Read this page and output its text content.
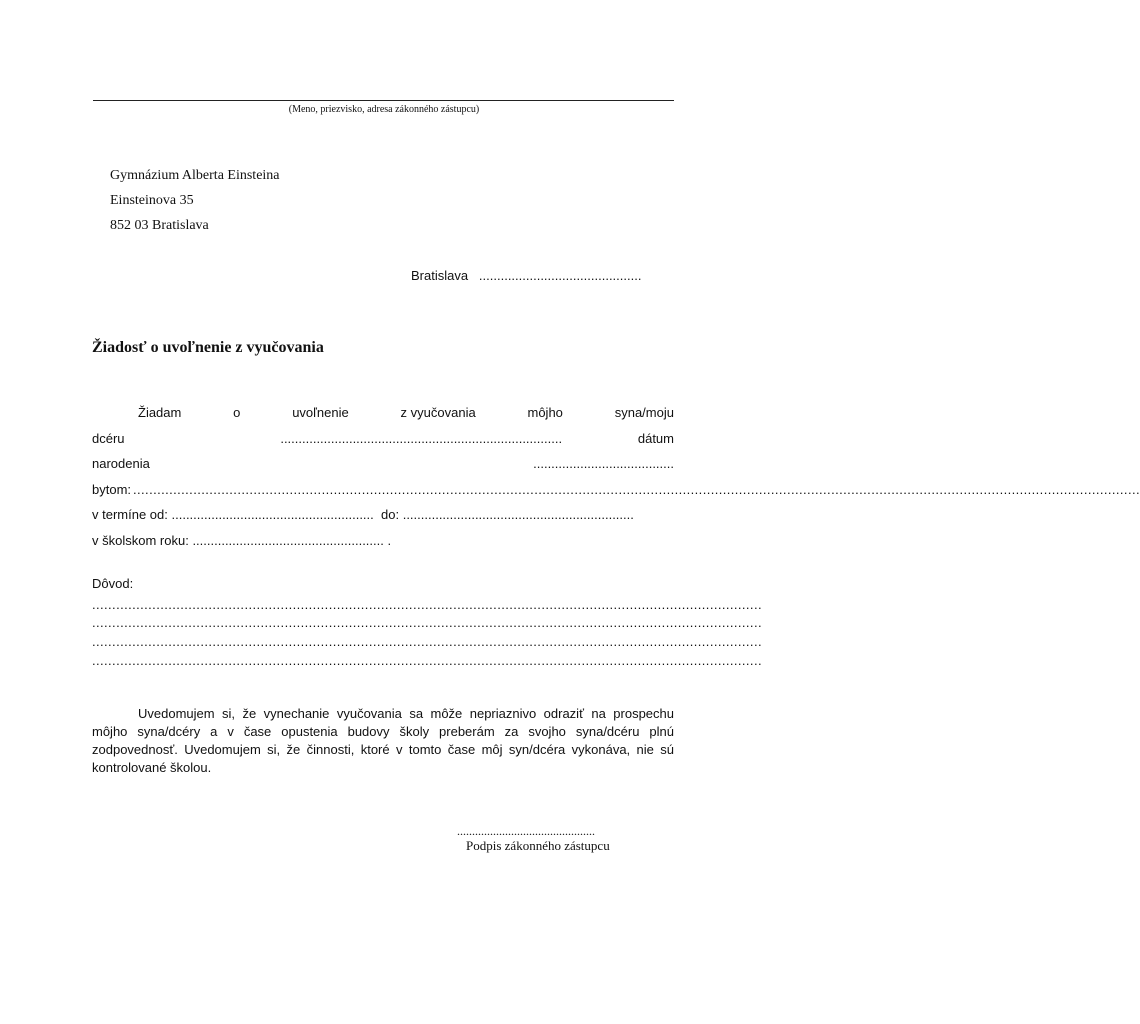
(Meno, priezvisko, adresa zákonného zástupcu)
Gymnázium Alberta Einsteina
Einsteinova 35
852 03 Bratislava
Bratislava .............................................
Žiadosť o uvoľnenie z vyučovania
Žiadam	o	uvoľnenie	z vyučovania	môjho	syna/moju
dcéru	..............................................................................	dátum
narodenia	.......................................
bytom:
.....
v termíne od:
........................................................
do:
................................................................
v školskom roku:
..................................................... .
Dôvod:
.......................................................................................................................................................................
.......................................................................................................................................................................
.......................................................................................................................................................................
.......................................................................................................................................................................
Uvedomujem si, že vynechanie vyučovania sa môže nepriaznivo odraziť na prospechu môjho syna/dcéry a v čase opustenia budovy školy preberám za svojho syna/dcéru plnú zodpovednosť. Uvedomujem si, že činnosti, ktoré v tomto čase môj syn/dcéra vykonáva, nie sú kontrolované školou.
..............................................
Podpis zákonného zástupcu
